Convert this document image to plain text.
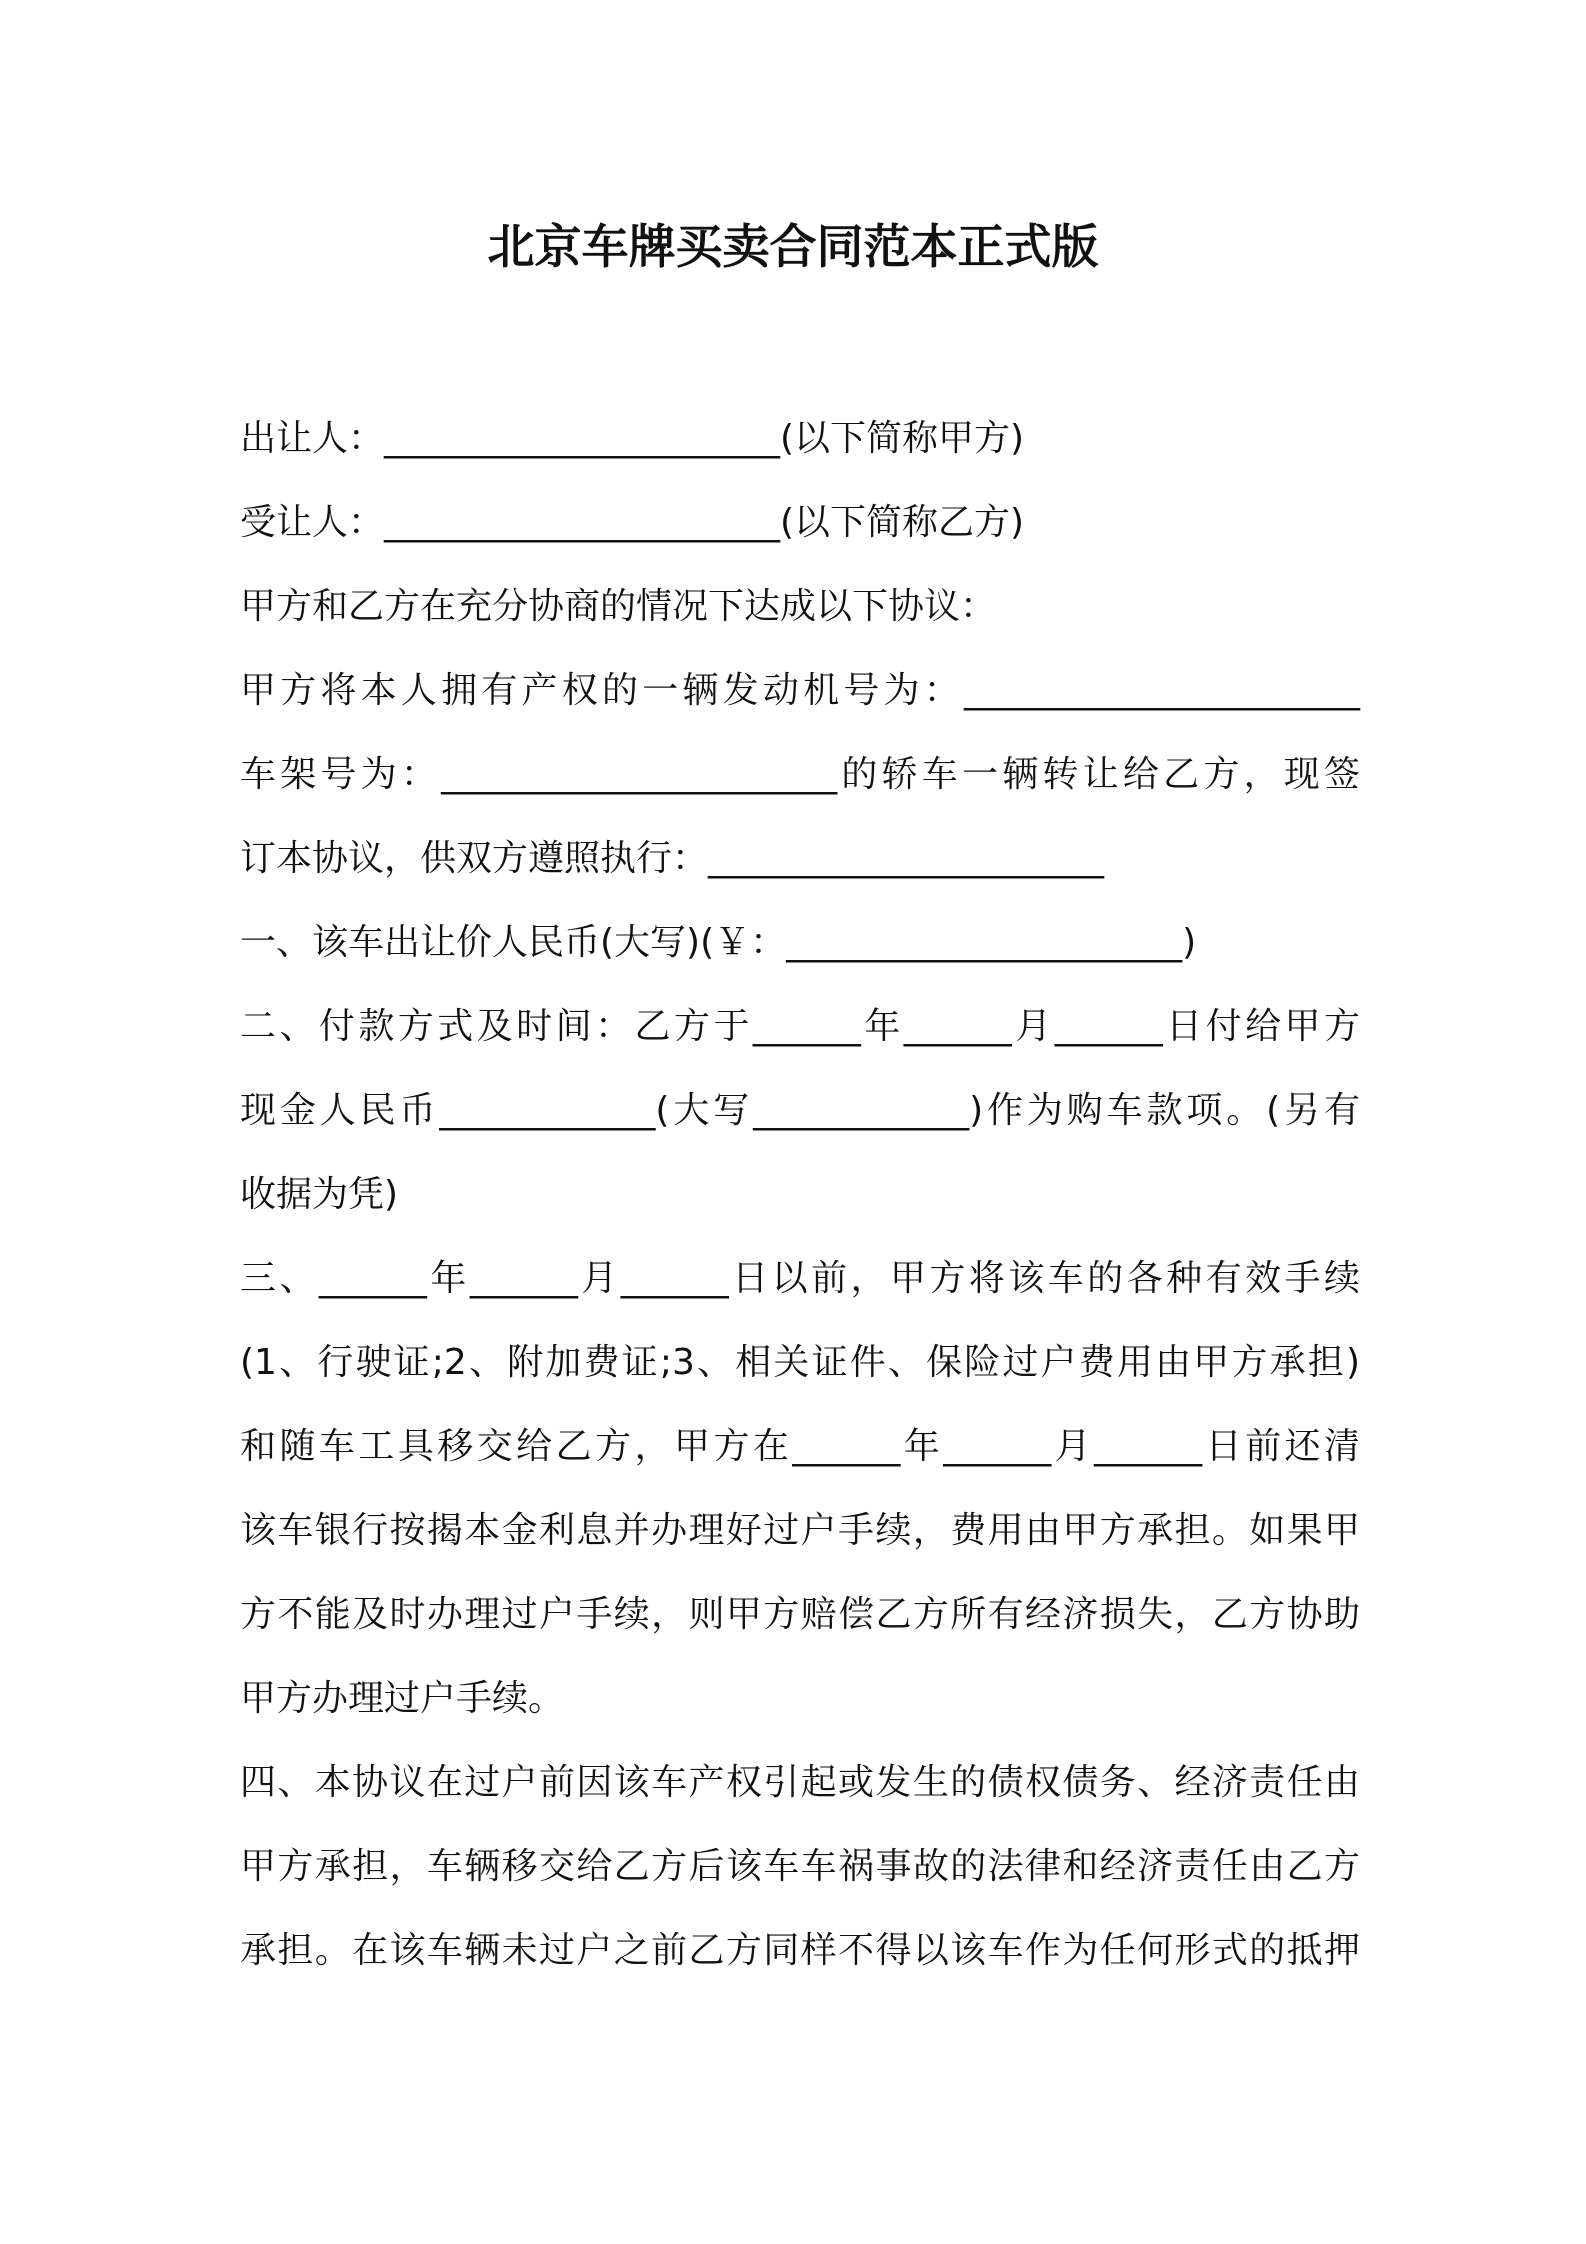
北京车牌买卖合同范本正式版
出让人：______________________(以下简称甲方)
受让人：______________________(以下简称乙方)
甲方和乙方在充分协商的情况下达成以下协议：
甲方将本人拥有产权的一辆发动机号为：______________________
车架号为：______________________的轿车一辆转让给乙方，现签
订本协议，供双方遵照执行：______________________
一、该车出让价人民币(大写)(￥：______________________)
二、付款方式及时间：乙方于______年______月______日付给甲方
现金人民币____________(大写____________)作为购车款项。(另有
收据为凭)
三、______年______月______日以前，甲方将该车的各种有效手续
(1、行驶证;2、附加费证;3、相关证件、保险过户费用由甲方承担)
和随车工具移交给乙方，甲方在______年______月______日前还清
该车银行按揭本金利息并办理好过户手续，费用由甲方承担。如果甲
方不能及时办理过户手续，则甲方赔偿乙方所有经济损失，乙方协助
甲方办理过户手续。
四、本协议在过户前因该车产权引起或发生的债权债务、经济责任由
甲方承担，车辆移交给乙方后该车车祸事故的法律和经济责任由乙方
承担。在该车辆未过户之前乙方同样不得以该车作为任何形式的抵押
